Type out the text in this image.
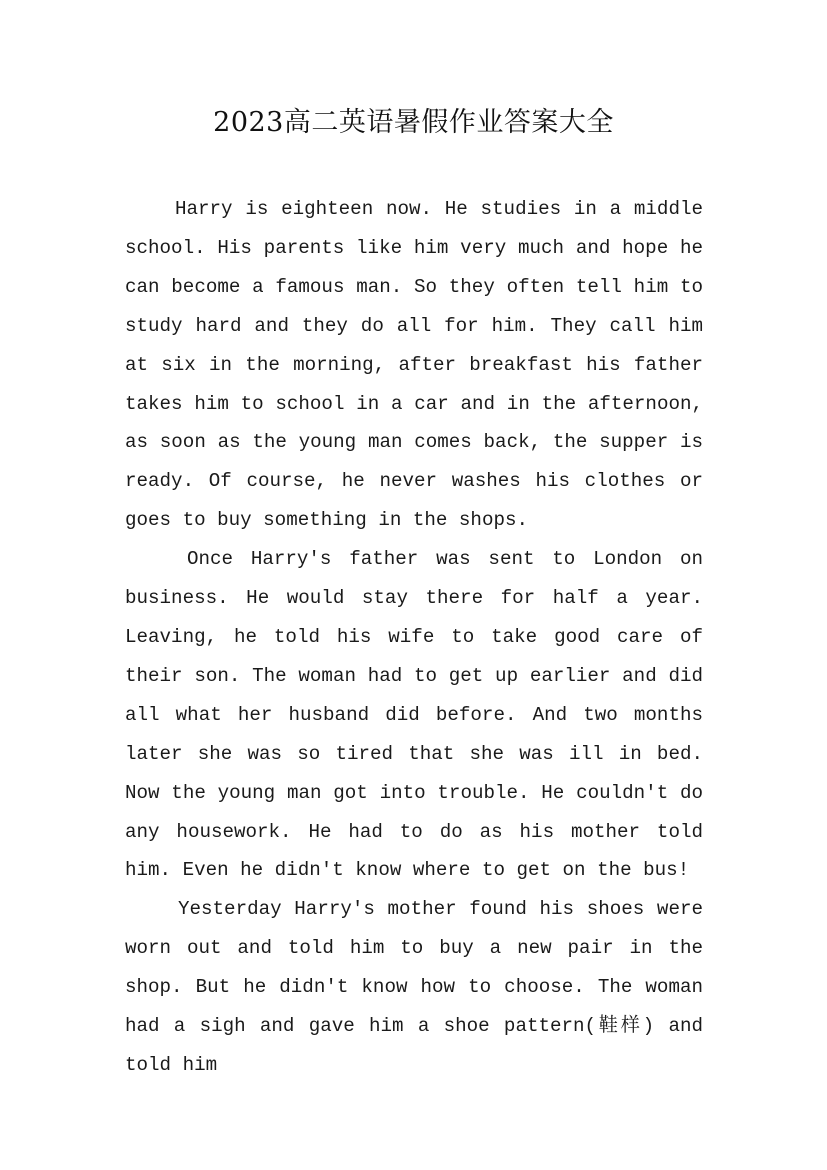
2023高二英语暑假作业答案大全

Harry is eighteen now. He studies in a middle school. His parents like him very much and hope he can become a famous man. So they often tell him to study hard and they do all for him. They call him at six in the morning, after breakfast his father takes him to school in a car and in the afternoon, as soon as the young man comes back, the supper is ready. Of course, he never washes his clothes or goes to buy something in the shops.

Once Harry's father was sent to London on business. He would stay there for half a year. Leaving, he told his wife to take good care of their son. The woman had to get up earlier and did all what her husband did before. And two months later she was so tired that she was ill in bed. Now the young man got into trouble. He couldn't do any housework. He had to do as his mother told him. Even he didn't know where to get on the bus!

Yesterday Harry's mother found his shoes were worn out and told him to buy a new pair in the shop. But he didn't know how to choose. The woman had a sigh and gave him a shoe pattern(鞋样) and told him
